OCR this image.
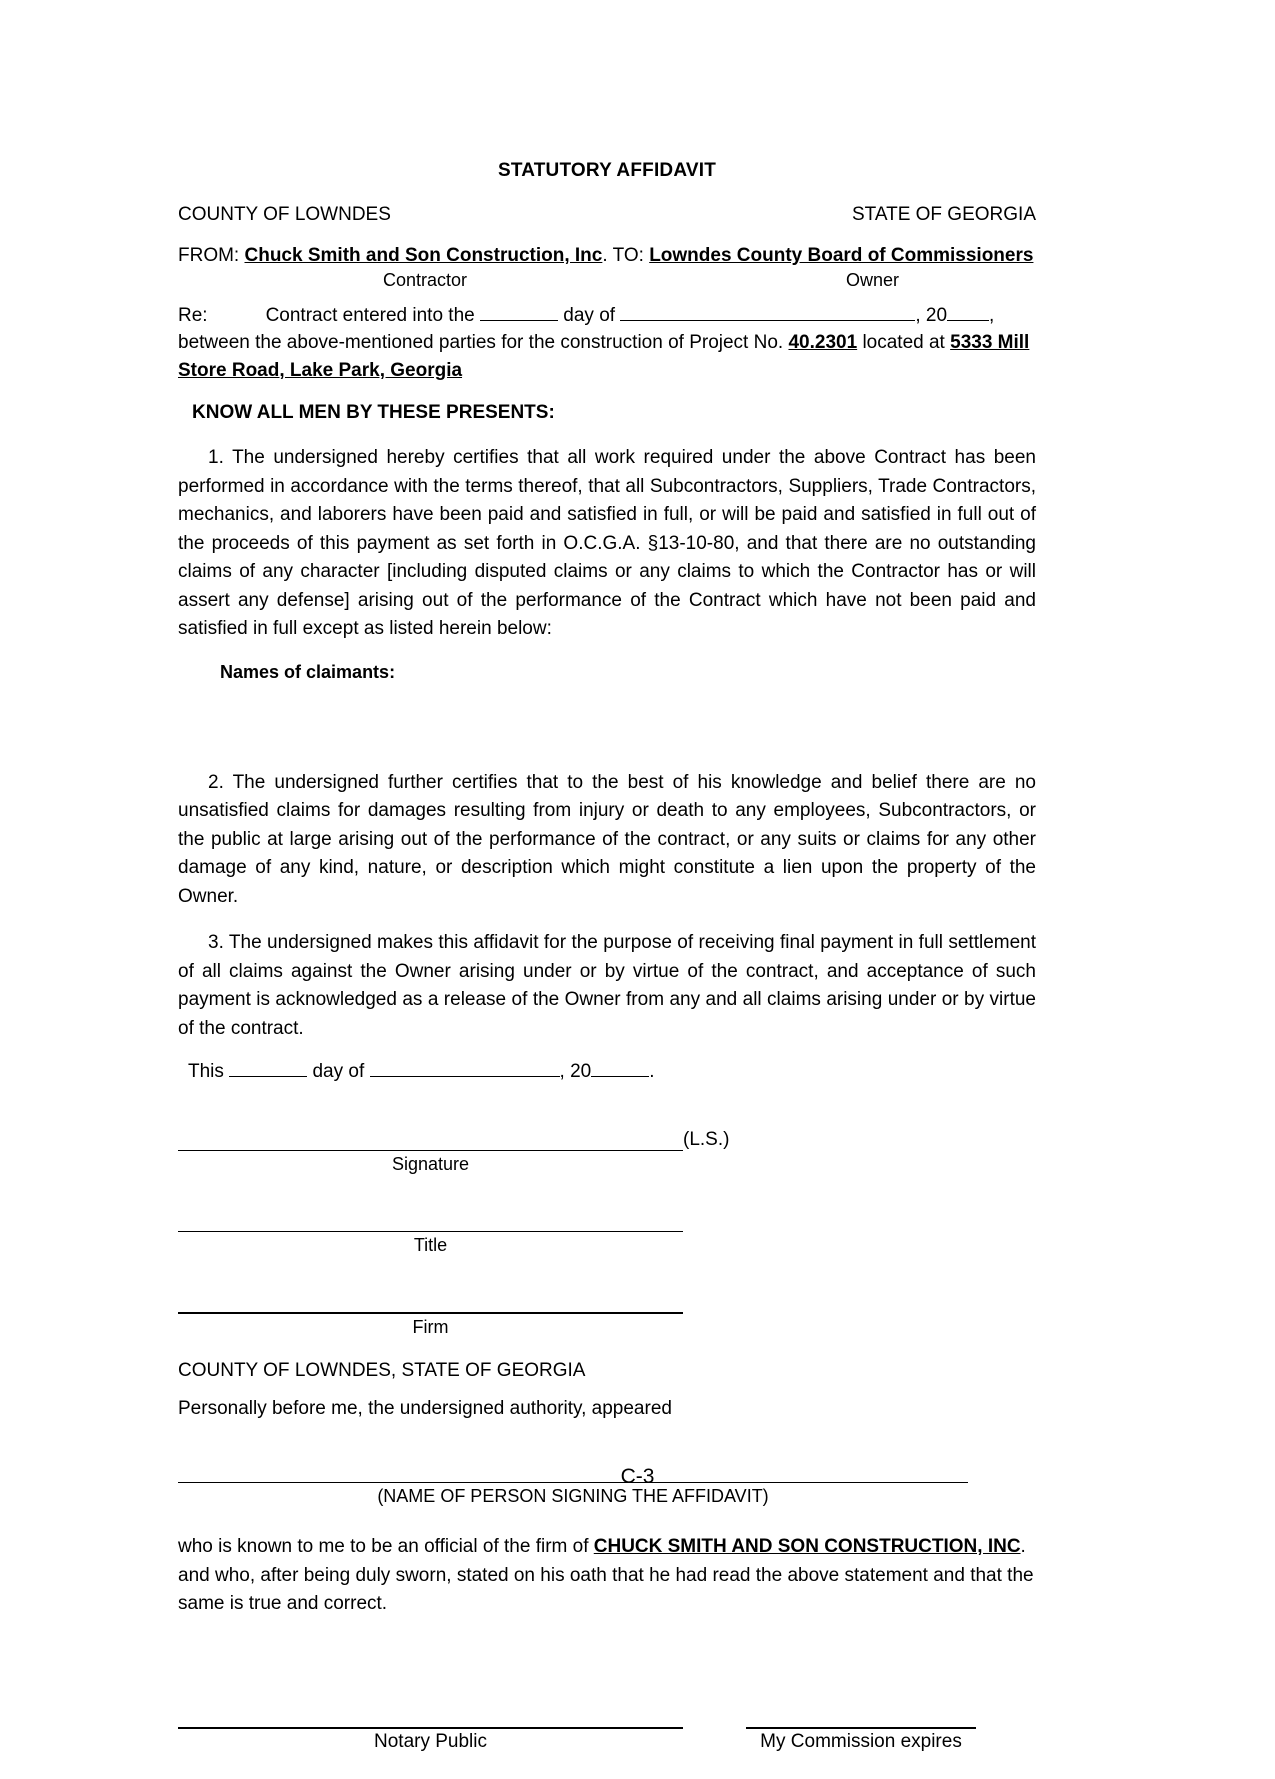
STATUTORY AFFIDAVIT
COUNTY OF LOWNDES	STATE OF GEORGIA
FROM: Chuck Smith and Son Construction, Inc. TO: Lowndes County Board of Commissioners
Contractor	Owner
Re:	Contract entered into the	day of	, 20 ,
between the above-mentioned parties for the construction of Project No. 40.2301 located at 5333 Mill Store Road, Lake Park, Georgia
KNOW ALL MEN BY THESE PRESENTS:

1. The undersigned hereby certifies that all work required under the above Contract has been performed in accordance with the terms thereof, that all Subcontractors, Suppliers, Trade Contractors, mechanics, and laborers have been paid and satisfied in full, or will be paid and satisfied in full out of the proceeds of this payment as set forth in O.C.G.A. §13-10-80, and that there are no outstanding claims of any character [including disputed claims or any claims to which the Contractor has or will assert any defense] arising out of the performance of the Contract which have not been paid and satisfied in full except as listed herein below:

Names of claimants:

2. The undersigned further certifies that to the best of his knowledge and belief there are no unsatisfied claims for damages resulting from injury or death to any employees, Subcontractors, or the public at large arising out of the performance of the contract, or any suits or claims for any other damage of any kind, nature, or description which might constitute a lien upon the property of the Owner.

3. The undersigned makes this affidavit for the purpose of receiving final payment in full settlement of all claims against the Owner arising under or by virtue of the contract, and acceptance of such payment is acknowledged as a release of the Owner from any and all claims arising under or by virtue of the contract.

This	day of	, 20	.
(L.S.)
Signature
Title
Firm
COUNTY OF LOWNDES, STATE OF GEORGIA
Personally before me, the undersigned authority, appeared
(NAME OF PERSON SIGNING THE AFFIDAVIT)

who is known to me to be an official of the firm of CHUCK SMITH AND SON CONSTRUCTION, INC. and who, after being duly sworn, stated on his oath that he had read the above statement and that the same is true and correct.

Notary Public	My Commission expires
C-3
